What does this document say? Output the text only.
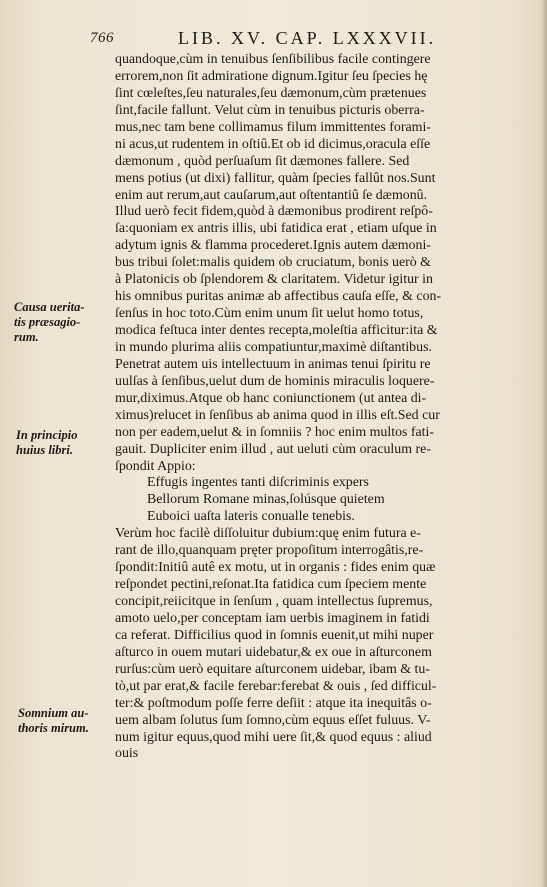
766	LIB. XV. CAP. LXXXVII.
Causa uerita-
tis præsagio-
rum.
In principio
huius libri.
Somnium au-
thoris mirum.
quandoque,cùm in tenuibus ſenſibilibus facile contingere
errorem,non ſit admiratione dignum.Igitur ſeu ſpecies hę
ſint cœleſtes,ſeu naturales,ſeu dæmonum,cùm prætenues
ſint,facile fallunt. Velut cùm in tenuibus picturis oberra-
mus,nec tam bene collimamus filum immittentes forami-
ni acus,ut rudentem in oſtiû.Et ob id dicimus,oracula eſſe
dæmonum , quòd perſuaſum ſit dæmones fallere. Sed
mens potius (ut dixi) fallitur, quàm ſpecies fallût nos.Sunt
enim aut rerum,aut cauſarum,aut oſtentantiû ſe dæmonû.
Illud uerò fecit fidem,quòd à dæmonibus prodirent reſpô-
ſa:quoniam ex antris illis, ubi fatidica erat , etiam uſque in
adytum ignis & flamma procederet.Ignis autem dæmoni-
bus tribui ſolet:malis quidem ob cruciatum, bonis uerò &
à Platonicis ob ſplendorem & claritatem. Videtur igitur in
his omnibus puritas animæ ab affectibus cauſa eſſe, & con-
ſenſus in hoc toto.Cùm enim unum ſit uelut homo totus,
modica feſtuca inter dentes recepta,moleſtia afficitur:ita &
in mundo plurima aliis compatiuntur,maximè diſtantibus.
Penetrat autem uis intellectuum in animas tenui ſpiritu re
uulſas à ſenſibus,uelut dum de hominis miraculis loquere-
mur,diximus.Atque ob hanc coniunctionem (ut antea di-
ximus)relucet in ſenſibus ab anima quod in illis eſt.Sed cur
non per eadem,uelut & in ſomniis ? hoc enim multos fati-
gauit. Dupliciter enim illud , aut ueluti cùm oraculum re-
ſpondit Appio:
Effugis ingentes tanti diſcriminis expers
Bellorum Romane minas,ſolúsque quietem
Euboici uaſta lateris conualle tenebis.
Verùm hoc facilè diſſoluitur dubium:quę enim futura e-
rant de illo,quanquam pręter propoſitum interrogâtis,re-
ſpondit:Initiû autê ex motu, ut in organis : fides enim quæ
reſpondet pectini,reſonat.Ita fatidica cum ſpeciem mente
concipit,reiicitque in ſenſum , quam intellectus ſupremus,
amoto uelo,per conceptam iam uerbis imaginem in fatidi
ca referat. Difficilius quod in ſomnis euenit,ut mihi nuper
aſturco in ouem mutari uidebatur,& ex oue in aſturconem
rurſus:cùm uerò equitare aſturconem uidebar, ibam & tu-
tò,ut par erat,& facile ferebar:ferebat & ouis , ſed difficul-
ter:& poſtmodum poſſe ferre deſiit : atque ita inequitâs o-
uem albam ſolutus ſum ſomno,cùm equus eſſet fuluus. V-
num igitur equus,quod mihi uere ſit,& quod equus : aliud
ouis
